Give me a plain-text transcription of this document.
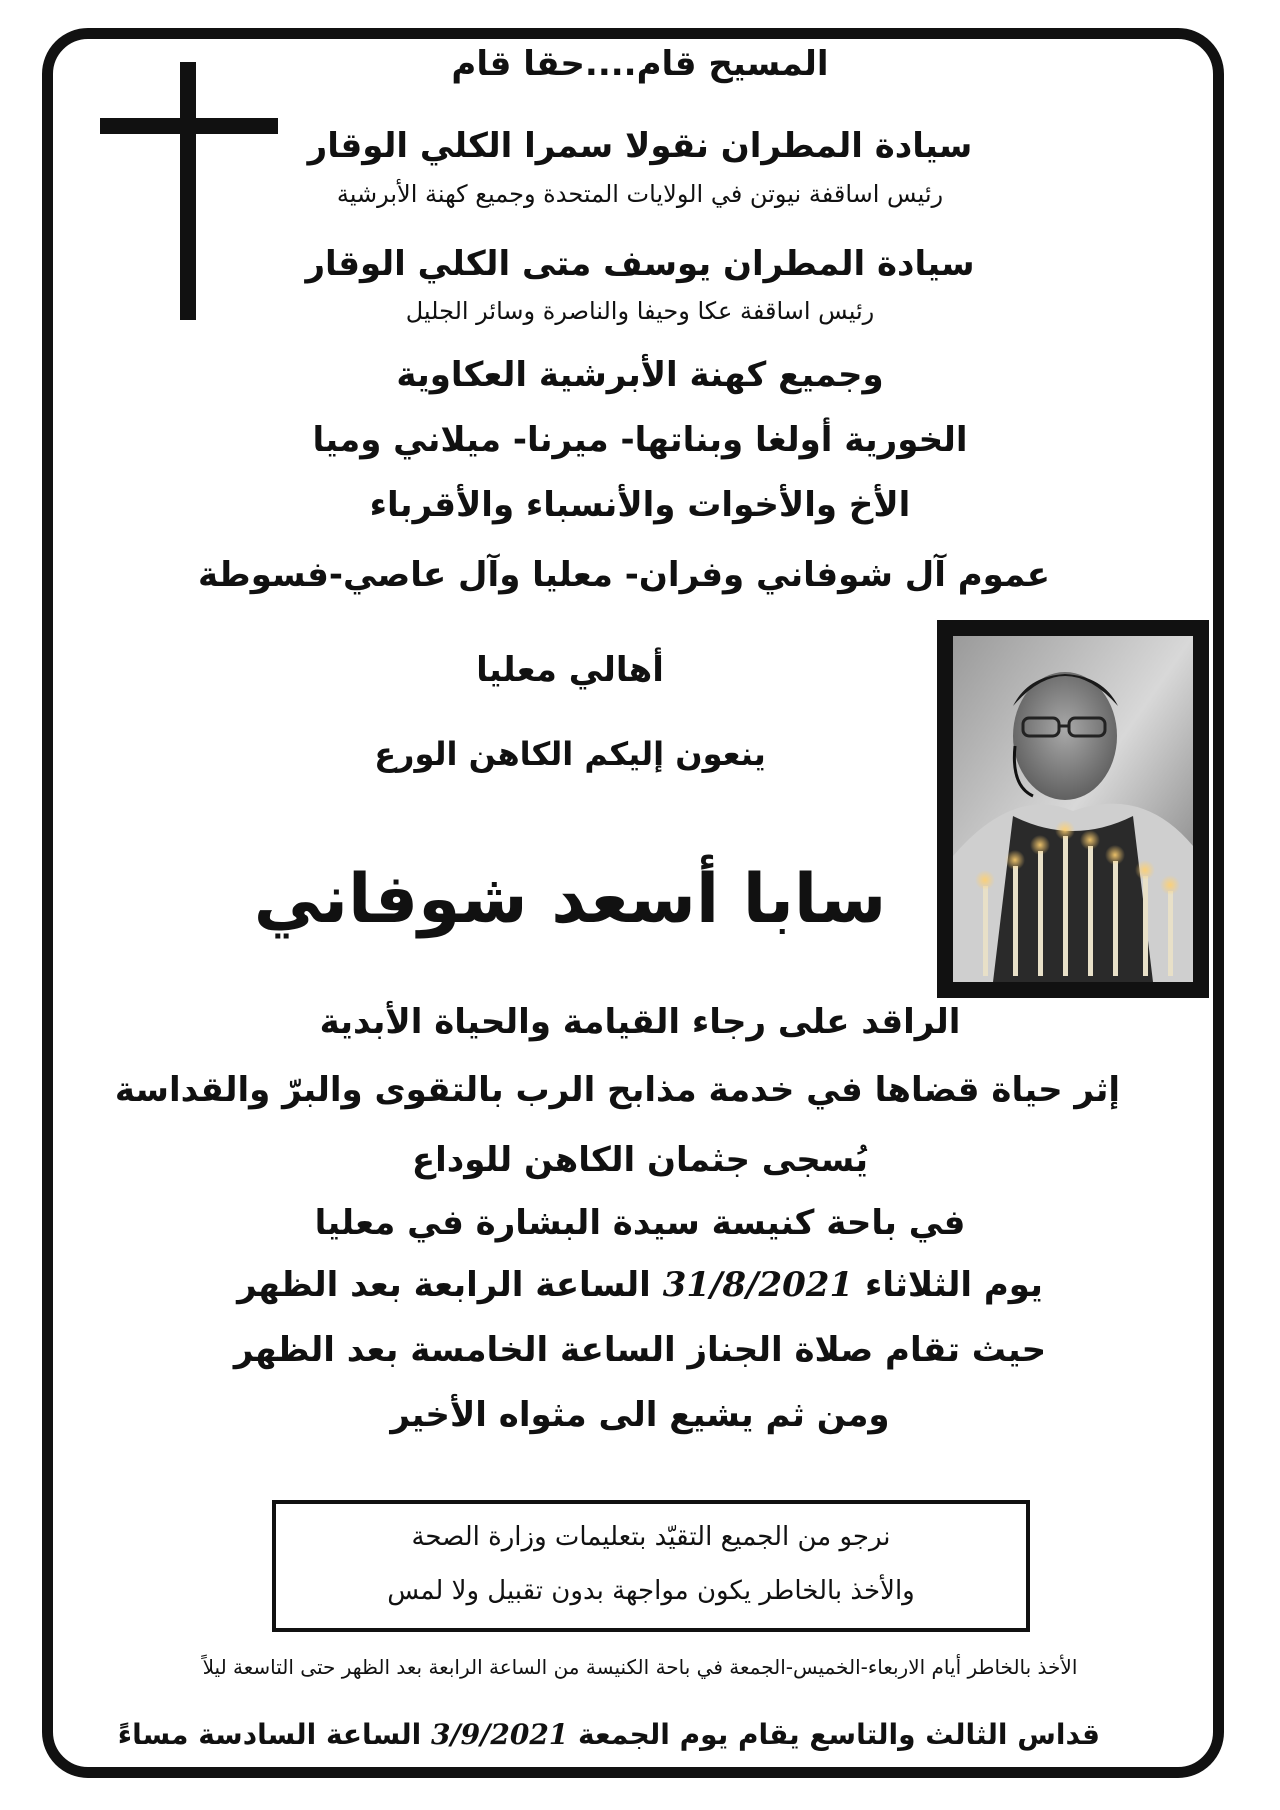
المسيح قام....حقا قام
سيادة المطران نقولا سمرا الكلي الوقار
رئيس اساقفة نيوتن في الولايات المتحدة وجميع كهنة الأبرشية
سيادة المطران يوسف متى الكلي الوقار
رئيس اساقفة عكا وحيفا والناصرة وسائر الجليل
وجميع كهنة الأبرشية العكاوية
الخورية أولغا وبناتها- ميرنا- ميلاني وميا
الأخ والأخوات والأنسباء والأقرباء
عموم آل شوفاني وفران- معليا وآل عاصي-فسوطة
أهالي معليا
ينعون إليكم الكاهن الورع
سابا أسعد شوفاني
الراقد على رجاء القيامة والحياة الأبدية
إثر حياة قضاها في خدمة مذابح الرب بالتقوى والبرّ والقداسة
يُسجى جثمان الكاهن للوداع
في باحة كنيسة سيدة البشارة في معليا
يوم الثلاثاء 31/8/2021 الساعة الرابعة بعد الظهر
حيث تقام صلاة الجناز الساعة الخامسة بعد الظهر
ومن ثم يشيع الى مثواه الأخير
نرجو من الجميع التقيّد بتعليمات وزارة الصحة
والأخذ بالخاطر يكون مواجهة بدون تقبيل ولا لمس
الأخذ بالخاطر أيام الاربعاء-الخميس-الجمعة في باحة الكنيسة من الساعة الرابعة بعد الظهر حتى التاسعة ليلاً
قداس الثالث والتاسع يقام يوم الجمعة 3/9/2021 الساعة السادسة مساءً
